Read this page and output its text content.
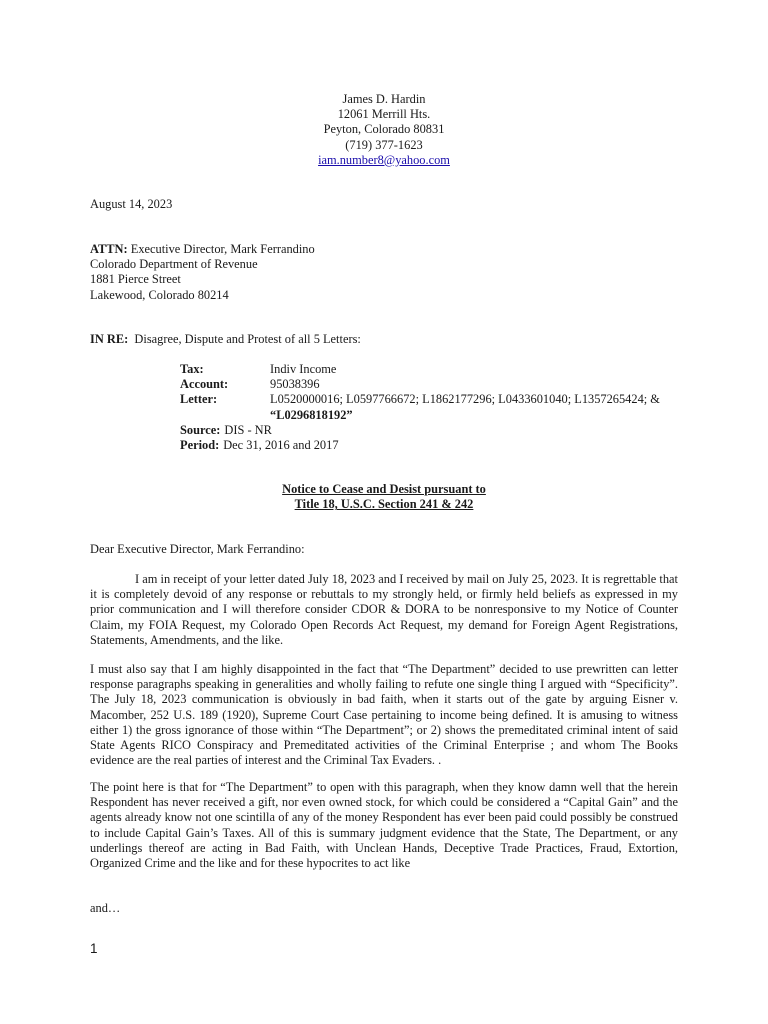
James D. Hardin
12061 Merrill Hts.
Peyton, Colorado 80831
(719) 377-1623
iam.number8@yahoo.com
August 14, 2023
ATTN: Executive Director, Mark Ferrandino
Colorado Department of Revenue
1881 Pierce Street
Lakewood, Colorado 80214
IN RE: Disagree, Dispute and Protest of all 5 Letters:
Tax:	Indiv Income
Account:	95038396
Letter:	L0520000016; L0597766672; L1862177296; L0433601040; L1357265424; &
“L0296818192”
Source: DIS - NR
Period: Dec 31, 2016 and 2017
Notice to Cease and Desist pursuant to
Title 18, U.S.C. Section 241 & 242
Dear Executive Director, Mark Ferrandino:
I am in receipt of your letter dated July 18, 2023 and I received by mail on July 25, 2023. It is regrettable that it is completely devoid of any response or rebuttals to my strongly held, or firmly held beliefs as expressed in my prior communication and I will therefore consider CDOR & DORA to be nonresponsive to my Notice of Counter Claim, my FOIA Request, my Colorado Open Records Act Request, my demand for Foreign Agent Registrations, Statements, Amendments, and the like.
I must also say that I am highly disappointed in the fact that “The Department” decided to use prewritten can letter response paragraphs speaking in generalities and wholly failing to refute one single thing I argued with “Specificity”. The July 18, 2023 communication is obviously in bad faith, when it starts out of the gate by arguing Eisner v. Macomber, 252 U.S. 189 (1920), Supreme Court Case pertaining to income being defined. It is amusing to witness either 1) the gross ignorance of those within “The Department”; or 2) shows the premeditated criminal intent of said State Agents RICO Conspiracy and Premeditated activities of the Criminal Enterprise ; and whom The Books evidence are the real parties of interest and the Criminal Tax Evaders. .
The point here is that for “The Department” to open with this paragraph, when they know damn well that the herein Respondent has never received a gift, nor even owned stock, for which could be considered a “Capital Gain” and the agents already know not one scintilla of any of the money Respondent has ever been paid could possibly be construed to include Capital Gain’s Taxes. All of this is summary judgment evidence that the State, The Department, or any underlings thereof are acting in Bad Faith, with Unclean Hands, Deceptive Trade Practices, Fraud, Extortion, Organized Crime and the like and for these hypocrites to act like
and…
1
